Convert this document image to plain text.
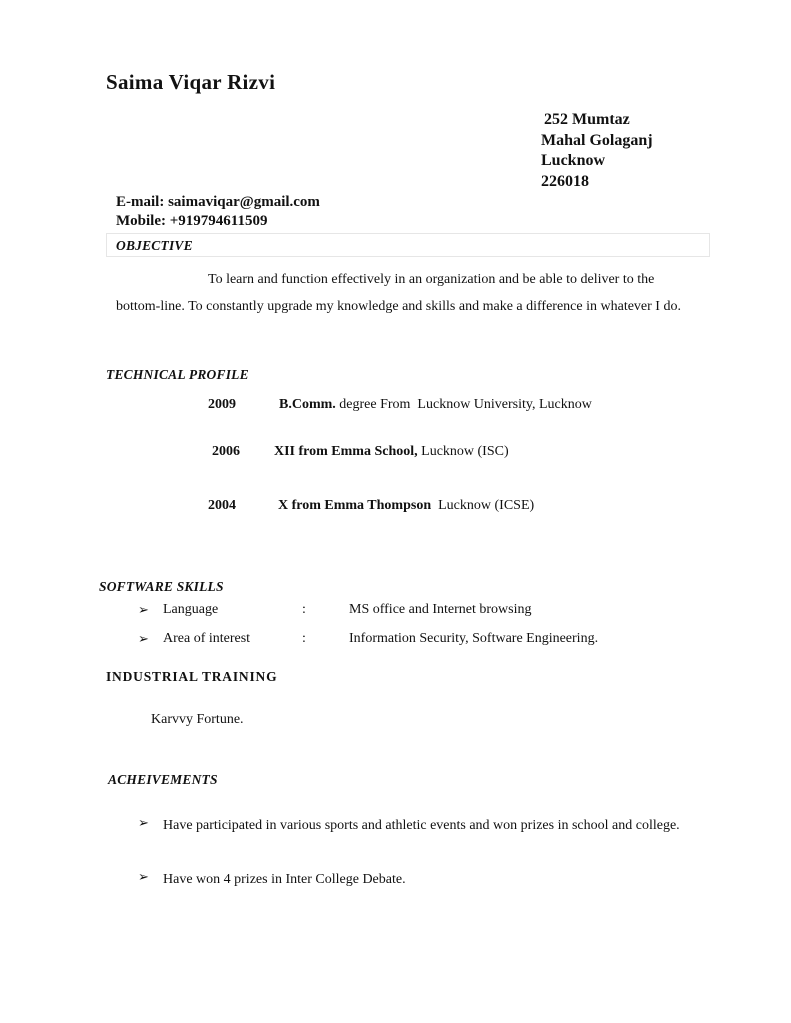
Saima Viqar Rizvi
252 Mumtaz
Mahal Golaganj
Lucknow
226018
E-mail: saimaviqar@gmail.com
Mobile: +919794611509
OBJECTIVE
To learn and function effectively in an organization and be able to deliver to the bottom-line. To constantly upgrade my knowledge and skills and make a difference in whatever I do.
TECHNICAL PROFILE
2009	B.Comm. degree From  Lucknow University, Lucknow
2006 XII from Emma School, Lucknow (ISC)
2004	X from Emma Thompson  Lucknow (ICSE)
SOFTWARE SKILLS
➢ Language	:	MS office and Internet browsing
➢ Area of interest	:	Information Security, Software Engineering.
INDUSTRIAL TRAINING
Karvvy Fortune.
ACHEIVEMENTS
➢ Have participated in various sports and athletic events and won prizes in school and college.
➢ Have won 4 prizes in Inter College Debate.
